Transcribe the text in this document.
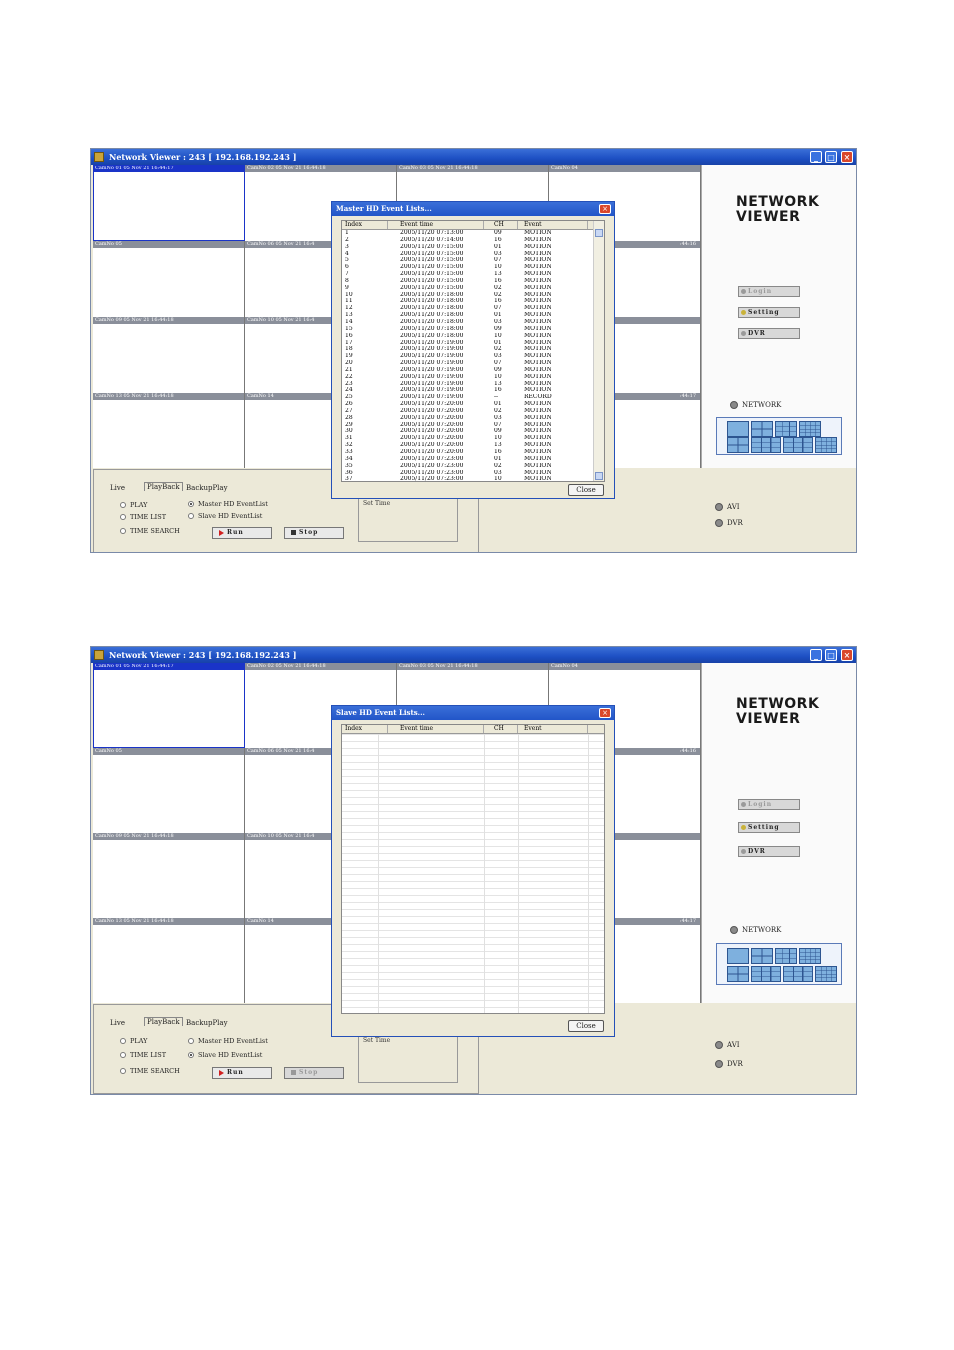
Network Viewer : 243 [ 192.168.192.243 ]	_	□	×
CamNo 01 05 Nov 21 16:44:17	CamNo 02 05 Nov 21 16:44:18	CamNo 03 05 Nov 21 16:44:18	CamNo 04
CamNo 05	CamNo 06 05 Nov 21 16:4	:44:16
CamNo 09 05 Nov 21 16:44:18	CamNo 10 05 Nov 21 16:4
CamNo 13 05 Nov 21 16:44:18	CamNo 14	:44:17
NETWORK
VIEWER
Login
Setting
DVR
NETWORK
Live	PlayBack BackupPlay
PLAY
TIME LIST
TIME SEARCH
Master HD EventList
Slave HD EventList
Run	Stop
Set Time	AVI
DVR
Master HD Event Lists...	×
Index	Event time	CH	Event
1	2005/11/20 07:13:00	09	MOTION
2	2005/11/20 07:14:00	16	MOTION
3	2005/11/20 07:15:00	01	MOTION
4	2005/11/20 07:15:00	03	MOTION
5	2005/11/20 07:15:00	07	MOTION
6	2005/11/20 07:15:00	10	MOTION
7	2005/11/20 07:15:00	13	MOTION
8	2005/11/20 07:15:00	16	MOTION
9	2005/11/20 07:15:00	02	MOTION
10	2005/11/20 07:18:00	02	MOTION
11	2005/11/20 07:18:00	16	MOTION
12	2005/11/20 07:18:00	07	MOTION
13	2005/11/20 07:18:00	01	MOTION
14	2005/11/20 07:18:00	03	MOTION
15	2005/11/20 07:18:00	09	MOTION
16	2005/11/20 07:18:00	10	MOTION
17	2005/11/20 07:19:00	01	MOTION
18	2005/11/20 07:19:00	02	MOTION
19	2005/11/20 07:19:00	03	MOTION
20	2005/11/20 07:19:00	07	MOTION
21	2005/11/20 07:19:00	09	MOTION
22	2005/11/20 07:19:00	10	MOTION
23	2005/11/20 07:19:00	13	MOTION
24	2005/11/20 07:19:00	16	MOTION
25	2005/11/20 07:19:00	--	RECORD
26	2005/11/20 07:20:00	01	MOTION
27	2005/11/20 07:20:00	02	MOTION
28	2005/11/20 07:20:00	03	MOTION
29	2005/11/20 07:20:00	07	MOTION
30	2005/11/20 07:20:00	09	MOTION
31	2005/11/20 07:20:00	10	MOTION
32	2005/11/20 07:20:00	13	MOTION
33	2005/11/20 07:20:00	16	MOTION
34	2005/11/20 07:23:00	01	MOTION
35	2005/11/20 07:23:00	02	MOTION
36	2005/11/20 07:23:00	03	MOTION
37	2005/11/20 07:23:00	10	MOTION
Close
Network Viewer : 243 [ 192.168.192.243 ]	_	□	×
CamNo 01 05 Nov 21 16:44:17	CamNo 02 05 Nov 21 16:44:18	CamNo 03 05 Nov 21 16:44:18	CamNo 04
CamNo 05	CamNo 06 05 Nov 21 16:4	:44:16
CamNo 09 05 Nov 21 16:44:18	CamNo 10 05 Nov 21 16:4
CamNo 13 05 Nov 21 16:44:18	CamNo 14	:44:17
NETWORK
VIEWER
Login
Setting
DVR
NETWORK
Live	PlayBack BackupPlay
PLAY
TIME LIST
TIME SEARCH
Master HD EventList
Slave HD EventList
Run	Stop
Set Time
AVI
DVR
Slave HD Event Lists...	×
Index	Event time	CH	Event
Close
